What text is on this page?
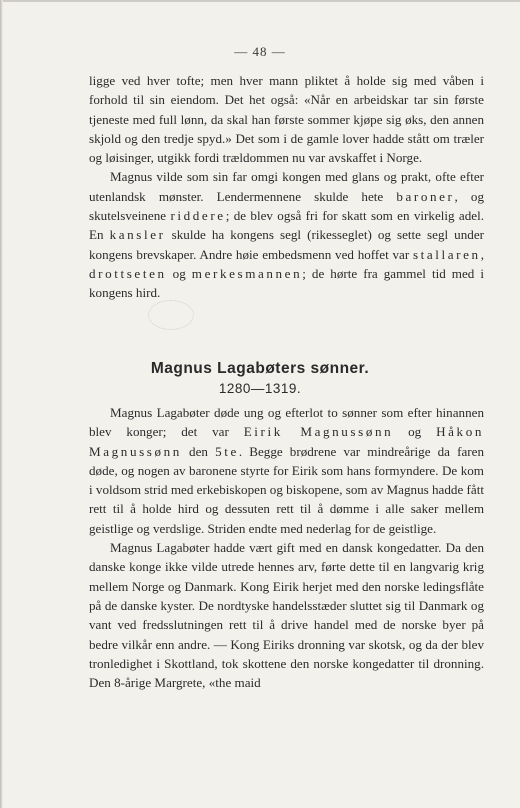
— 48 —

ligge ved hver tofte; men hver mann pliktet å holde sig med våben i forhold til sin eiendom. Det het også: «Når en arbeidskar tar sin første tjeneste med full lønn, da skal han første sommer kjøpe sig øks, den annen skjold og den tredje spyd.» Det som i de gamle lover hadde stått om træler og løisinger, utgikk fordi trældommen nu var avskaffet i Norge.

Magnus vilde som sin far omgi kongen med glans og prakt, ofte efter utenlandsk mønster. Lendermennene skulde hete baroner, og skutelsveinene riddere; de blev også fri for skatt som en virkelig adel. En kansler skulde ha kongens segl (rikesseglet) og sette segl under kongens brevskaper. Andre høie embedsmenn ved hoffet var stallaren, drottseten og merkesmannen; de hørte fra gammel tid med i kongens hird.

Magnus Lagabøters sønner.
1280—1319.

Magnus Lagabøter døde ung og efterlot to sønner som efter hinannen blev konger; det var Eirik Magnussønn og Håkon Magnussønn den 5te. Begge brødrene var mindreårige da faren døde, og nogen av baronene styrte for Eirik som hans formyndere. De kom i voldsom strid med erkebiskopen og biskopene, som av Magnus hadde fått rett til å holde hird og dessuten rett til å dømme i alle saker mellem geistlige og verdslige. Striden endte med nederlag for de geistlige.

Magnus Lagabøter hadde vært gift med en dansk kongedatter. Da den danske konge ikke vilde utrede hennes arv, førte dette til en langvarig krig mellem Norge og Danmark. Kong Eirik herjet med den norske ledingsflåte på de danske kyster. De nordtyske handelsstæder sluttet sig til Danmark og vant ved fredsslutningen rett til å drive handel med de norske byer på bedre vilkår enn andre. — Kong Eiriks dronning var skotsk, og da der blev tronledighet i Skottland, tok skottene den norske kongedatter til dronning. Den 8-årige Margrete, «the maid
